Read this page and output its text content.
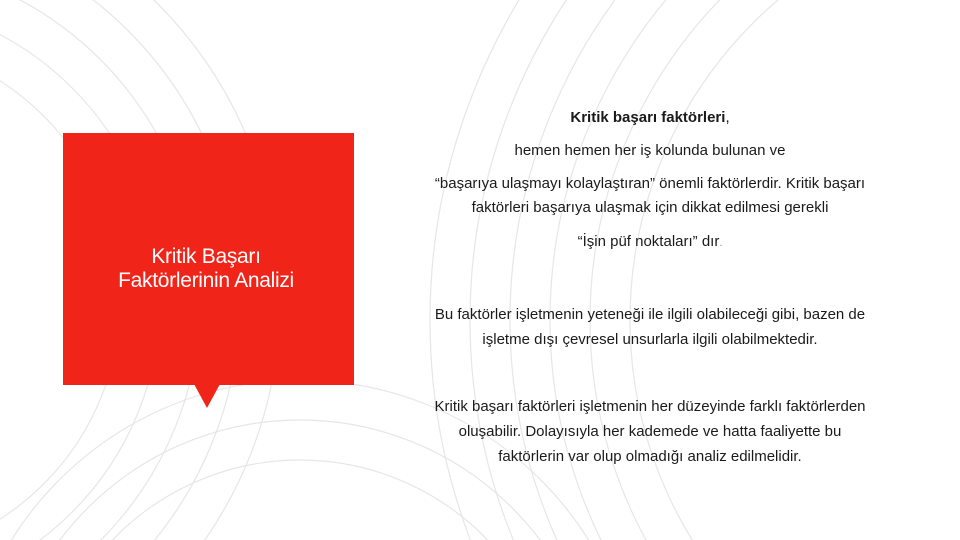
Kritik Başarı
Faktörlerinin Analizi
Kritik başarı faktörleri,
hemen hemen her iş kolunda bulunan ve
“başarıya ulaşmayı kolaylaştıran” önemli faktörlerdir. Kritik başarı
faktörleri başarıya ulaşmak için dikkat edilmesi gerekli
“İşin püf noktaları” dır.
Bu faktörler işletmenin yeteneği ile ilgili olabileceği gibi, bazen de
işletme dışı çevresel unsurlarla ilgili olabilmektedir.
Kritik başarı faktörleri işletmenin her düzeyinde farklı faktörlerden
oluşabilir. Dolayısıyla her kademede ve hatta faaliyette bu
faktörlerin var olup olmadığı analiz edilmelidir.
